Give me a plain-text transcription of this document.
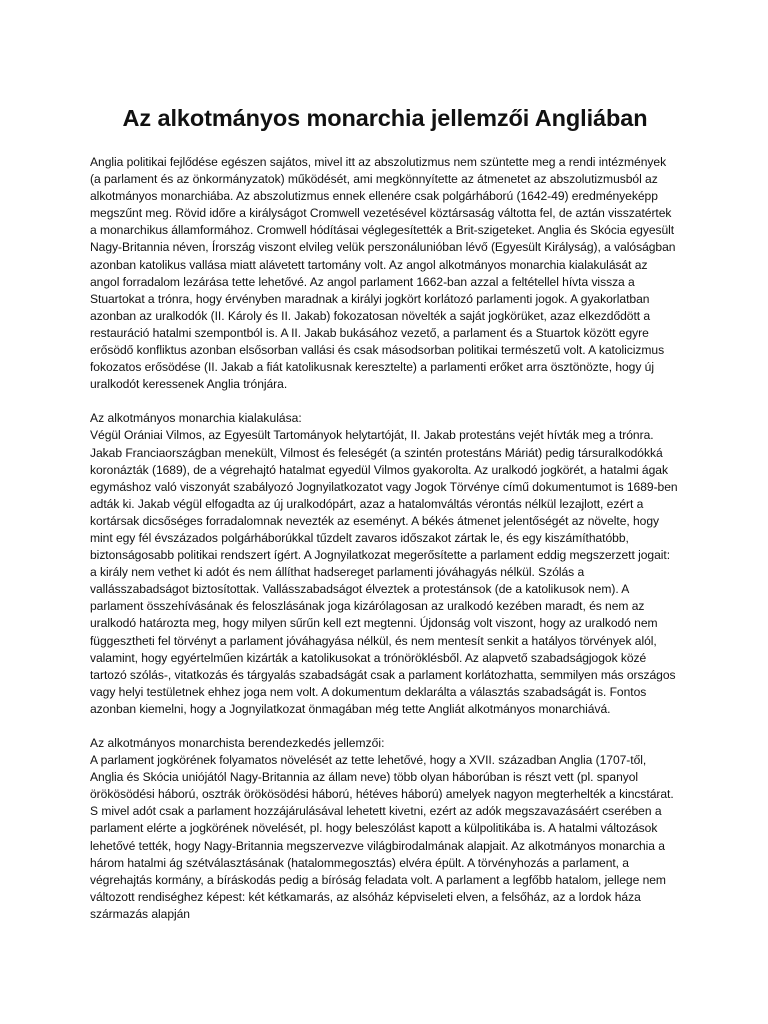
Az alkotmányos monarchia jellemzői Angliában

Anglia politikai fejlődése egészen sajátos, mivel itt az abszolutizmus nem szüntette meg a rendi intézmények (a parlament és az önkormányzatok) működését, ami megkönnyítette az átmenetet az abszolutizmusból az alkotmányos monarchiába. Az abszolutizmus ennek ellenére csak polgárháború (1642-49) eredményeképp megszűnt meg. Rövid időre a királyságot Cromwell vezetésével köztársaság váltotta fel, de aztán visszatértek a monarchikus államformához. Cromwell hódításai véglegesítették a Brit-szigeteket. Anglia és Skócia egyesült Nagy-Britannia néven, Írország viszont elvileg velük perszonálunióban lévő (Egyesült Királyság), a valóságban azonban katolikus vallása miatt alávetett tartomány volt. Az angol alkotmányos monarchia kialakulását az angol forradalom lezárása tette lehetővé. Az angol parlament 1662-ban azzal a feltétellel hívta vissza a Stuartokat a trónra, hogy érvényben maradnak a királyi jogkört korlátozó parlamenti jogok. A gyakorlatban azonban az uralkodók (II. Károly és II. Jakab) fokozatosan növelték a saját jogkörüket, azaz elkezdődött a restauráció hatalmi szempontból is. A II. Jakab bukásához vezető, a parlament és a Stuartok között egyre erősödő konfliktus azonban elsősorban vallási és csak másodsorban politikai természetű volt. A katolicizmus fokozatos erősödése (II. Jakab a fiát katolikusnak keresztelte) a parlamenti erőket arra ösztönözte, hogy új uralkodót keressenek Anglia trónjára.

Az alkotmányos monarchia kialakulása:

Végül Orániai Vilmos, az Egyesült Tartományok helytartóját, II. Jakab protestáns vejét hívták meg a trónra. Jakab Franciaországban menekült, Vilmost és feleségét (a szintén protestáns Máriát) pedig társuralkodókká koronázták (1689), de a végrehajtó hatalmat egyedül Vilmos gyakorolta. Az uralkodó jogkörét, a hatalmi ágak egymáshoz való viszonyát szabályozó Jognyilatkozatot vagy Jogok Törvénye című dokumentumot is 1689-ben adták ki. Jakab végül elfogadta az új uralkodópárt, azaz a hatalomváltás vérontás nélkül lezajlott, ezért a kortársak dicsőséges forradalomnak nevezték az eseményt. A békés átmenet jelentőségét az növelte, hogy mint egy fél évszázados polgárháborúkkal tűzdelt zavaros időszakot zártak le, és egy kiszámíthatóbb, biztonságosabb politikai rendszert ígért. A Jognyilatkozat megerősítette a parlament eddig megszerzett jogait: a király nem vethet ki adót és nem állíthat hadsereget parlamenti jóváhagyás nélkül. Szólás a vallásszabadságot biztosítottak. Vallásszabadságot élveztek a protestánsok (de a katolikusok nem). A parlament összehívásának és feloszlásának joga kizárólagosan az uralkodó kezében maradt, és nem az uralkodó határozta meg, hogy milyen sűrűn kell ezt megtenni. Újdonság volt viszont, hogy az uralkodó nem függesztheti fel törvényt a parlament jóváhagyása nélkül, és nem mentesít senkit a hatályos törvények alól, valamint, hogy egyértelműen kizárták a katolikusokat a trónöröklésből. Az alapvető szabadságjogok közé tartozó szólás-, vitatkozás és tárgyalás szabadságát csak a parlament korlátozhatta, semmilyen más országos vagy helyi testületnek ehhez joga nem volt. A dokumentum deklarálta a választás szabadságát is. Fontos azonban kiemelni, hogy a Jognyilatkozat önmagában még tette Angliát alkotmányos monarchiává.

Az alkotmányos monarchista berendezkedés jellemzői:

A parlament jogkörének folyamatos növelését az tette lehetővé, hogy a XVII. században Anglia (1707-től, Anglia és Skócia uniójától Nagy-Britannia az állam neve) több olyan háborúban is részt vett (pl. spanyol örökösödési háború, osztrák örökösödési háború, hétéves háború) amelyek nagyon megterhelték a kincstárat. S mivel adót csak a parlament hozzájárulásával lehetett kivetni, ezért az adók megszavazásáért cserében a parlament elérte a jogkörének növelését, pl. hogy beleszólást kapott a külpolitikába is. A hatalmi változások lehetővé tették, hogy Nagy-Britannia megszervezve világbirodalmának alapjait. Az alkotmányos monarchia a három hatalmi ág szétválasztásának (hatalommegosztás) elvéra épült. A törvényhozás a parlament, a végrehajtás kormány, a bíráskodás pedig a bíróság feladata volt. A parlament a legfőbb hatalom, jellege nem változott rendiséghez képest: két kétkamarás, az alsóház képviseleti elven, a felsőház, az a lordok háza származás alapján
